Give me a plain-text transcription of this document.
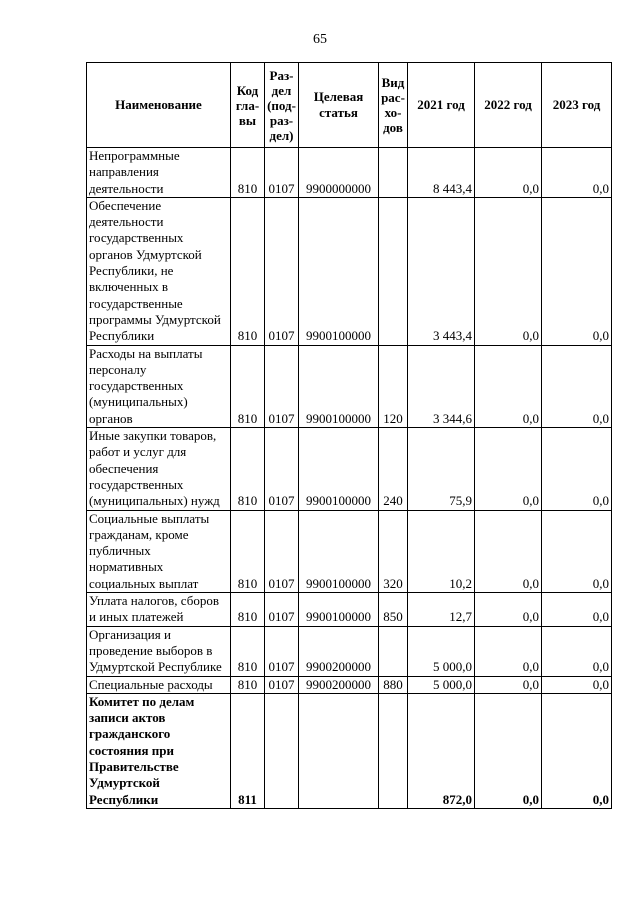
65
Наименование	Код гла-вы	Раз-дел (под-раз-дел)	Целевая статья	Вид рас-хо-дов	2021 год	2022 год	2023 год
Непрограммные направления деятельности	810	0107	9900000000		8 443,4	0,0	0,0
Обеспечение деятельности государственных органов Удмуртской Республики, не включенных в государственные программы Удмуртской Республики	810	0107	9900100000		3 443,4	0,0	0,0
Расходы на выплаты персоналу государственных (муниципальных) органов	810	0107	9900100000	120	3 344,6	0,0	0,0
Иные закупки товаров, работ и услуг для обеспечения государственных (муниципальных) нужд	810	0107	9900100000	240	75,9	0,0	0,0
Социальные выплаты гражданам, кроме публичных нормативных социальных выплат	810	0107	9900100000	320	10,2	0,0	0,0
Уплата налогов, сборов и иных платежей	810	0107	9900100000	850	12,7	0,0	0,0
Организация и проведение выборов в Удмуртской Республике	810	0107	9900200000		5 000,0	0,0	0,0
Специальные расходы	810	0107	9900200000	880	5 000,0	0,0	0,0
Комитет по делам записи актов гражданского состояния при Правительстве Удмуртской Республики	811				872,0	0,0	0,0
